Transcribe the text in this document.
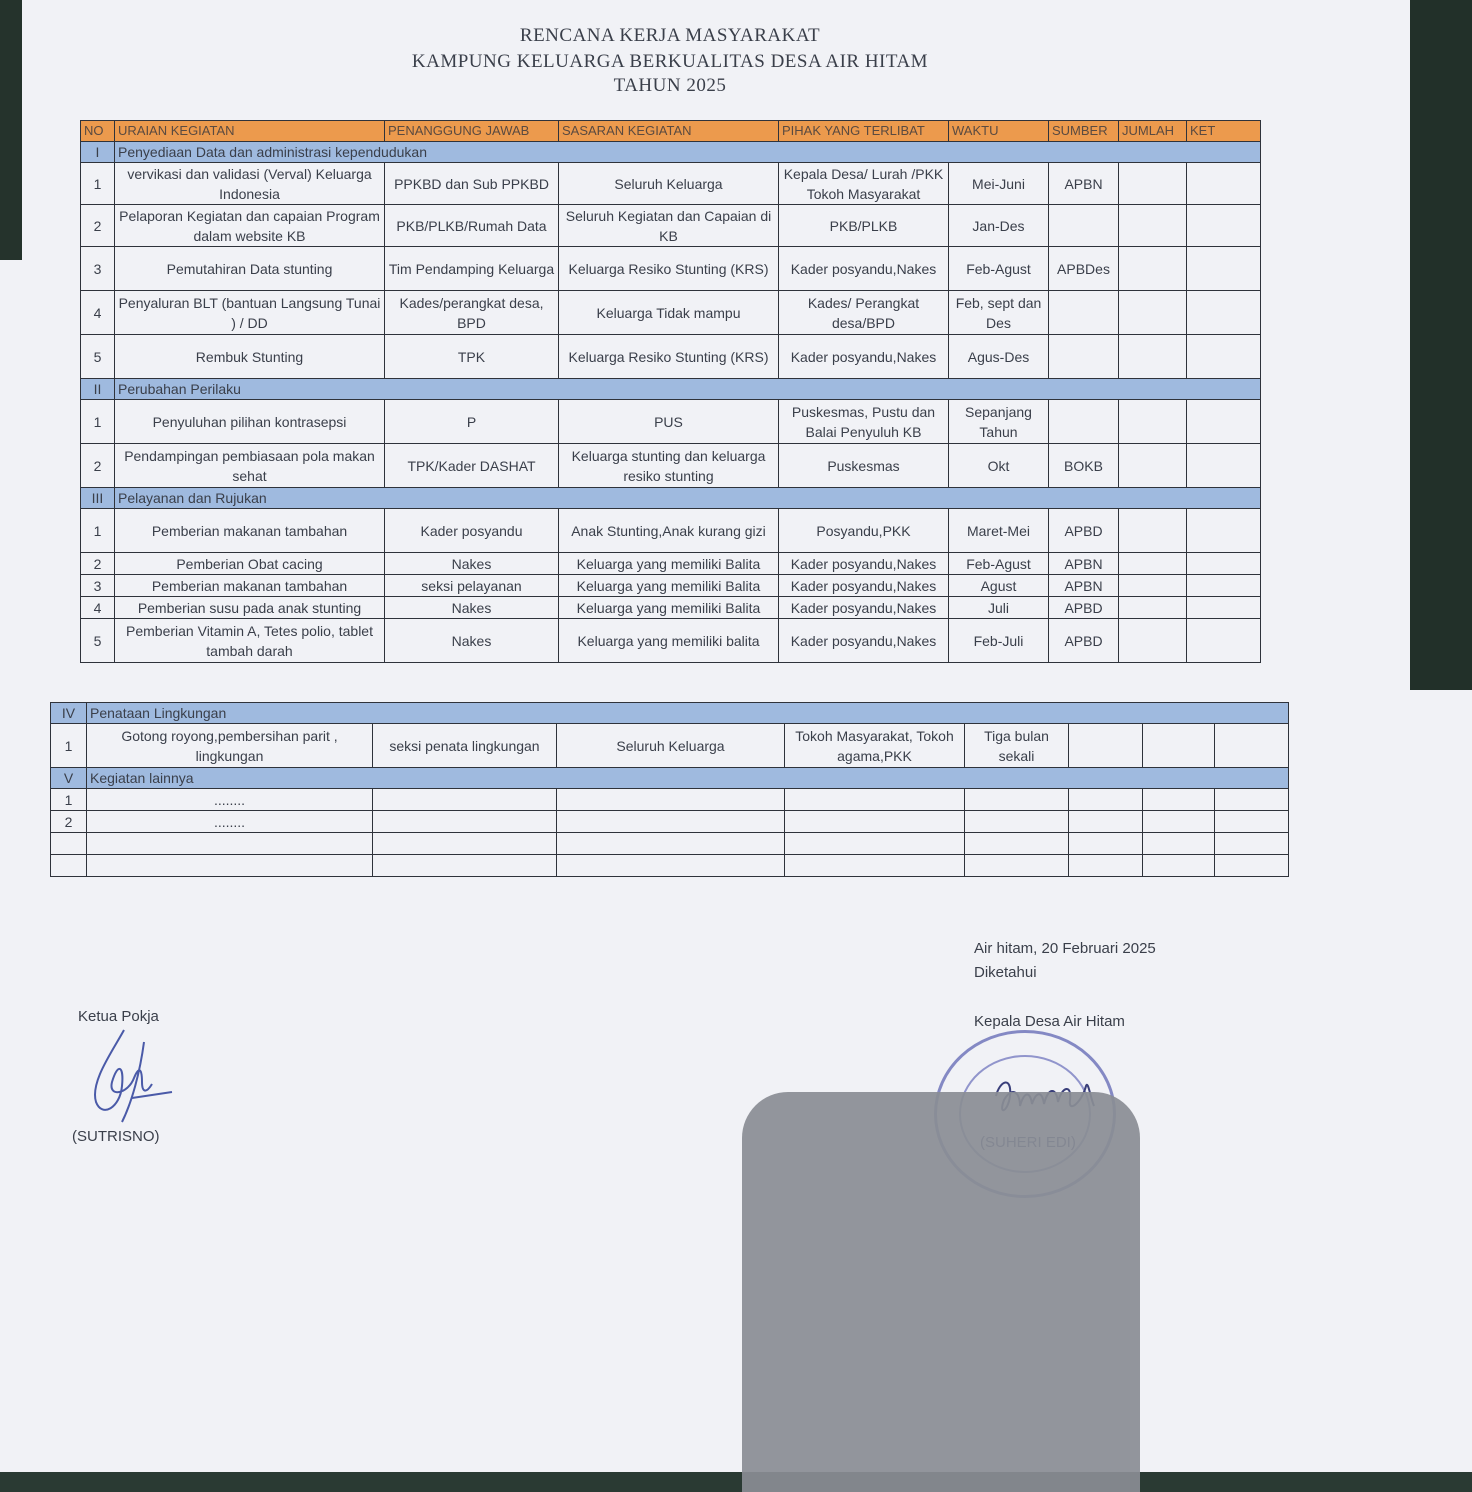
RENCANA KERJA MASYARAKAT
KAMPUNG KELUARGA BERKUALITAS DESA AIR HITAM
TAHUN 2025
NO	URAIAN KEGIATAN	PENANGGUNG JAWAB	SASARAN KEGIATAN	PIHAK YANG TERLIBAT	WAKTU	SUMBER	JUMLAH	KET
I	Penyediaan Data dan administrasi kependudukan							
1	vervikasi dan validasi (Verval) Keluarga Indonesia	PPKBD dan Sub PPKBD	Seluruh Keluarga	Kepala Desa/ Lurah /PKK Tokoh Masyarakat	Mei-Juni	APBN		
2	Pelaporan Kegiatan dan capaian Program dalam website KB	PKB/PLKB/Rumah Data	Seluruh Kegiatan dan Capaian di KB	PKB/PLKB	Jan-Des			
3	Pemutahiran Data stunting	Tim Pendamping Keluarga	Keluarga Resiko Stunting (KRS)	Kader posyandu,Nakes	Feb-Agust	APBDes		
4	Penyaluran BLT (bantuan Langsung Tunai ) / DD	Kades/perangkat desa, BPD	Keluarga Tidak mampu	Kades/ Perangkat desa/BPD	Feb, sept dan Des			
5	Rembuk Stunting	TPK	Keluarga Resiko Stunting (KRS)	Kader posyandu,Nakes	Agus-Des			
II	Perubahan Perilaku							
1	Penyuluhan pilihan kontrasepsi	P	PUS	Puskesmas, Pustu dan Balai Penyuluh KB	Sepanjang Tahun			
2	Pendampingan pembiasaan pola makan sehat	TPK/Kader DASHAT	Keluarga stunting dan keluarga resiko stunting	Puskesmas	Okt	BOKB		
III	Pelayanan dan Rujukan							
1	Pemberian makanan tambahan	Kader posyandu	Anak Stunting,Anak kurang gizi	Posyandu,PKK	Maret-Mei	APBD		
2	Pemberian Obat cacing	Nakes	Keluarga yang memiliki Balita	Kader posyandu,Nakes	Feb-Agust	APBN		
3	Pemberian makanan tambahan	seksi pelayanan	Keluarga yang memiliki Balita	Kader posyandu,Nakes	Agust	APBN		
4	Pemberian susu pada anak stunting	Nakes	Keluarga yang memiliki Balita	Kader posyandu,Nakes	Juli	APBD		
5	Pemberian Vitamin A, Tetes polio, tablet tambah darah	Nakes	Keluarga yang memiliki balita	Kader posyandu,Nakes	Feb-Juli	APBD		
IV	Penataan Lingkungan							
1	Gotong royong,pembersihan parit , lingkungan	seksi penata lingkungan	Seluruh Keluarga	Tokoh Masyarakat, Tokoh agama,PKK	Tiga bulan sekali			
V	Kegiatan lainnya							
1	........							
2	........							

Air hitam, 20 Februari 2025
Diketahui
Ketua Pokja
(SUTRISNO)
Kepala Desa Air Hitam
